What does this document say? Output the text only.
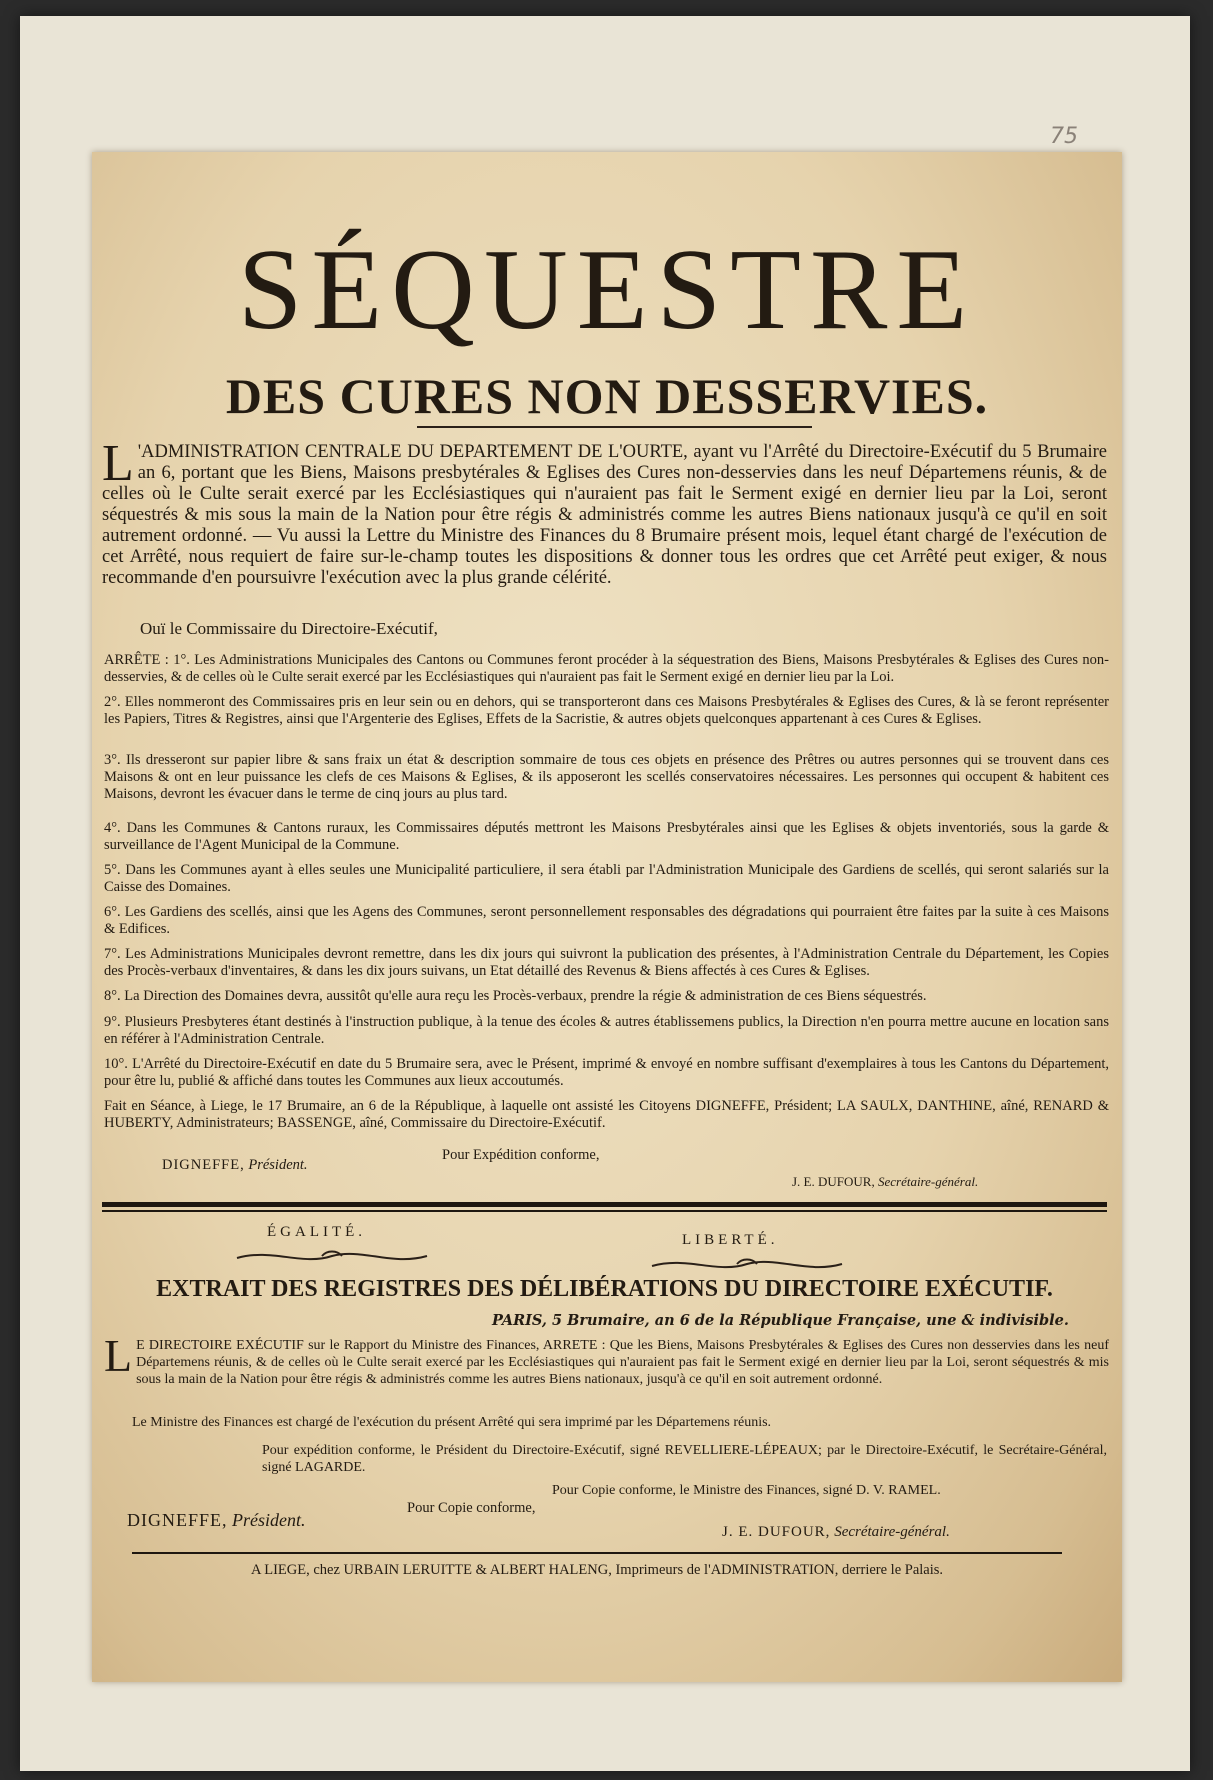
75
SÉQUESTRE
DES CURES NON DESSERVIES.
L 'ADMINISTRATION CENTRALE DU DEPARTEMENT DE L'OURTE, ayant vu l'Arrêté du Directoire-Exécutif du 5 Brumaire an 6, portant que les Biens, Maisons presbytérales & Eglises des Cures non-desservies dans les neuf Départemens réunis, & de celles où le Culte serait exercé par les Ecclésiastiques qui n'auraient pas fait le Serment exigé en dernier lieu par la Loi, seront séquestrés & mis sous la main de la Nation pour être régis & administrés comme les autres Biens nationaux jusqu'à ce qu'il en soit autrement ordonné. — Vu aussi la Lettre du Ministre des Finances du 8 Brumaire présent mois, lequel étant chargé de l'exécution de cet Arrêté, nous requiert de faire sur-le-champ toutes les dispositions & donner tous les ordres que cet Arrêté peut exiger, & nous recommande d'en poursuivre l'exécution avec la plus grande célérité.
Ouï le Commissaire du Directoire-Exécutif,
ARRÊTE : 1°. Les Administrations Municipales des Cantons ou Communes feront procéder à la séquestration des Biens, Maisons Presbytérales & Eglises des Cures non-desservies, & de celles où le Culte serait exercé par les Ecclésiastiques qui n'auraient pas fait le Serment exigé en dernier lieu par la Loi.
2°. Elles nommeront des Commissaires pris en leur sein ou en dehors, qui se transporteront dans ces Maisons Presbytérales & Eglises des Cures, & là se feront représenter les Papiers, Titres & Registres, ainsi que l'Argenterie des Eglises, Effets de la Sacristie, & autres objets quelconques appartenant à ces Cures & Eglises.
3°. Ils dresseront sur papier libre & sans fraix un état & description sommaire de tous ces objets en présence des Prêtres ou autres personnes qui se trouvent dans ces Maisons & ont en leur puissance les clefs de ces Maisons & Eglises, & ils apposeront les scellés conservatoires nécessaires. Les personnes qui occupent & habitent ces Maisons, devront les évacuer dans le terme de cinq jours au plus tard.
4°. Dans les Communes & Cantons ruraux, les Commissaires députés mettront les Maisons Presbytérales ainsi que les Eglises & objets inventoriés, sous la garde & surveillance de l'Agent Municipal de la Commune.
5°. Dans les Communes ayant à elles seules une Municipalité particuliere, il sera établi par l'Administration Municipale des Gardiens de scellés, qui seront salariés sur la Caisse des Domaines.
6°. Les Gardiens des scellés, ainsi que les Agens des Communes, seront personnellement responsables des dégradations qui pourraient être faites par la suite à ces Maisons & Edifices.
7°. Les Administrations Municipales devront remettre, dans les dix jours qui suivront la publication des présentes, à l'Administration Centrale du Département, les Copies des Procès-verbaux d'inventaires, & dans les dix jours suivans, un Etat détaillé des Revenus & Biens affectés à ces Cures & Eglises.
8°. La Direction des Domaines devra, aussitôt qu'elle aura reçu les Procès-verbaux, prendre la régie & administration de ces Biens séquestrés.
9°. Plusieurs Presbyteres étant destinés à l'instruction publique, à la tenue des écoles & autres établissemens publics, la Direction n'en pourra mettre aucune en location sans en référer à l'Administration Centrale.
10°. L'Arrêté du Directoire-Exécutif en date du 5 Brumaire sera, avec le Présent, imprimé & envoyé en nombre suffisant d'exemplaires à tous les Cantons du Département, pour être lu, publié & affiché dans toutes les Communes aux lieux accoutumés.
Fait en Séance, à Liege, le 17 Brumaire, an 6 de la République, à laquelle ont assisté les Citoyens DIGNEFFE, Président; LA SAULX, DANTHINE, aîné, RENARD & HUBERTY, Administrateurs; BASSENGE, aîné, Commissaire du Directoire-Exécutif.
DIGNEFFE, Président.
Pour Expédition conforme,
J. E. DUFOUR, Secrétaire-général.
ÉGALITÉ.	LIBERTÉ.
EXTRAIT DES REGISTRES DES DÉLIBÉRATIONS DU DIRECTOIRE EXÉCUTIF.
PARIS, 5 Brumaire, an 6 de la République Française, une & indivisible.
L E DIRECTOIRE EXÉCUTIF sur le Rapport du Ministre des Finances, ARRETE : Que les Biens, Maisons Presbytérales & Eglises des Cures non desservies dans les neuf Départemens réunis, & de celles où le Culte serait exercé par les Ecclésiastiques qui n'auraient pas fait le Serment exigé en dernier lieu par la Loi, seront séquestrés & mis sous la main de la Nation pour être régis & administrés comme les autres Biens nationaux, jusqu'à ce qu'il en soit autrement ordonné.
Le Ministre des Finances est chargé de l'exécution du présent Arrêté qui sera imprimé par les Départemens réunis.
Pour expédition conforme, le Président du Directoire-Exécutif, signé REVELLIERE-LÉPEAUX; par le Directoire-Exécutif, le Secrétaire-Général, signé LAGARDE.
Pour Copie conforme, le Ministre des Finances, signé D. V. RAMEL.
DIGNEFFE, Président.
Pour Copie conforme,
J. E. DUFOUR, Secrétaire-général.
A LIEGE, chez URBAIN LERUITTE & ALBERT HALENG, Imprimeurs de l'ADMINISTRATION, derriere le Palais.
